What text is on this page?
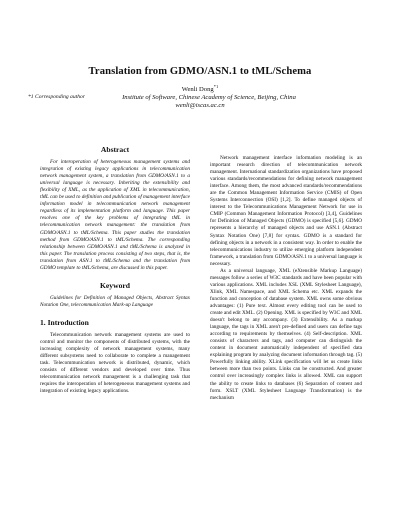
Translation from GDMO/ASN.1 to tML/Schema
Wenli Dong$^{*1}$
*1 Corresponding author	Institute of Software, Chinese Academy of Science, Beijing, China
wenli@iscas.ac.cn
Abstract

For interoperation of heterogeneous management systems and integration of existing legacy applications in telecommunication network management system, a translation from GDMO/ASN.1 to a universal language is necessary. Inheriting the extensibility and flexibility of XML, as the application of XML in telecommunication, tML can be used to definition and publication of management interface information model in telecommunication network management regardless of its implementation platform and language. This paper resolves one of the key problems of integrating tML in telecommunication network management: the translation from GDMO/ASN.1 to tML/Schema. This paper studies the translation method from GDMO/ASN.1 to tML/Schema. The corresponding relationship between GDMO/ASN.1 and tML/Schema is analyzed in this paper. The translation process consisting of two steps, that is, the translation from ASN.1 to tML/Schema and the translation from GDMO template to tML/Schema, are discussed in this paper.

Keyword

Guidelines for Definition of Managed Objects, Abstract Syntax Notation One, telecommunication Mark-up Language

1. Introduction

Telecommunication network management systems are used to control and monitor the components of distributed systems, with the increasing complexity of network management systems, many different subsystems need to collaborate to complete a management task. Telecommunication network is distributed, dynamic, which consists of different vendors and developed over time. Thus telecommunication network management is a challenging task that requires the interoperation of heterogeneous management systems and integration of existing legacy applications.

Network management interface information modeling is an important research direction of telecommunication network management. International standardization organizations have proposed various standards/recommendations for defining network management interface. Among them, the most advanced standards/recommendations are the Common Management Information Service (CMIS) of Open Systems Interconnection (OSI) [1,2]. To define managed objects of interest to the Telecommunications Management Network for use in CMIP (Common Management Information Protocol) [3,4], Guidelines for Definition of Managed Objects (GDMO) is specified [5,6]. GDMO represents a hierarchy of managed objects and use ASN.1 (Abstract Syntax Notation One) [7,8] for syntax. GDMO is a standard for defining objects in a network in a consistent way. In order to enable the telecommunications industry to utilize emerging platform independent framework, a translation from GDMO/ASN.1 to a universal language is necessary.

As a universal language, XML (eXtensible Markup Language) messages follow a series of W3C standards and have been popular with various applications. XML includes XSL (XML Stylesheet Language), Xlink, XML Namespace, and XML Schema etc. XML expands the function and conception of database system. XML owns some obvious advantages: (1) Pure text. Almost every editing tool can be used to create and edit XML. (2) Opening. XML is specified by W3C and XML doesn't belong to any accompany. (3) Extensibility. As a markup language, the tags in XML aren't pre-defined and users can define tags according to requirements by themselves. (4) Self-description. XML consists of characters and tags, and computer can distinguish the content in document automatically independent of specified data explaining program by analyzing document information through tag. (5) Powerfully linking ability. XLink specification will let us create links between more than two points. Links can be constructed. And greater control over increasingly complex links is allowed. XML can support the ability to create links to databases (6) Separation of content and form. XSLT (XML Stylesheet Language Transformation) is the mechanism
